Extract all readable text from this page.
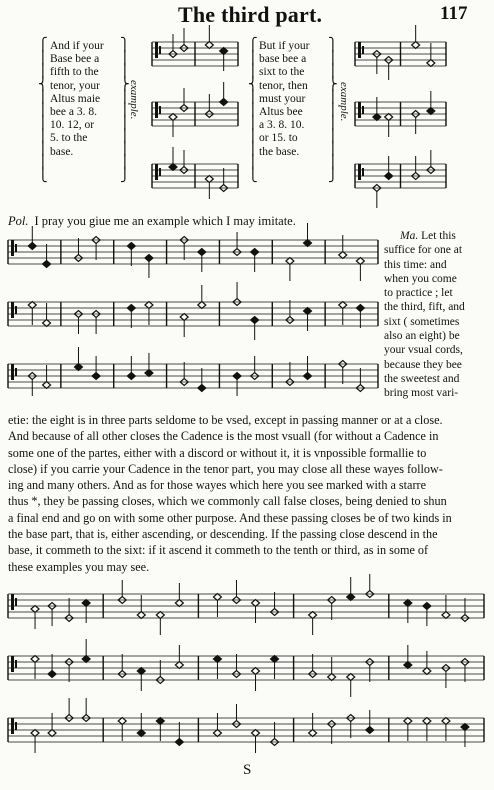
The third part.	117
⎧
⎪
⎪
⎨
⎪
⎪
⎪
⎪
⎪
⎪
⎩

And if your

Base bee a

fifth to the

tenor, your

Altus maie

bee a 3. 8.

10. 12, or

5. to the

base.

⎫
⎪
⎪
⎬
⎪
⎪
⎪
⎪
⎪
⎪
⎭
example.
⎧
⎪
⎪
⎨
⎪
⎪
⎪
⎪
⎪
⎪
⎩

But if your

base bee a

sixt to the

tenor, then

must your

Altus bee

a 3. 8. 10.

or 15. to

the base.

⎫
⎪
⎪
⎬
⎪
⎪
⎪
⎪
⎪
⎪
⎭
example.
Pol. I pray you giue me an example which I may imitate.
Ma. Let this
suffice for one at
this time: and
when you come
to practice ; let
the third, fift, and
sixt ( sometimes
also an eight) be
your vsual cords,
because they bee
the sweetest and
bring most vari-

etie: the eight is in three parts seldome to be vsed, except in passing manner or at a close.

And because of all other closes the Cadence is the most vsuall (for without a Cadence in

some one of the partes, either with a discord or without it, it is vnpossible formallie to

close) if you carrie your Cadence in the tenor part, you may close all these wayes follow-

ing and many others. And as for those wayes which here you see marked with a starre

thus *, they be passing closes, which we commonly call false closes, being denied to shun

a final end and go on with some other purpose. And these passing closes be of two kinds in

the base part, that is, either ascending, or descending. If the passing close descend in the

base, it commeth to the sixt: if it ascend it commeth to the tenth or third, as in some of

these examples you may see.

S
